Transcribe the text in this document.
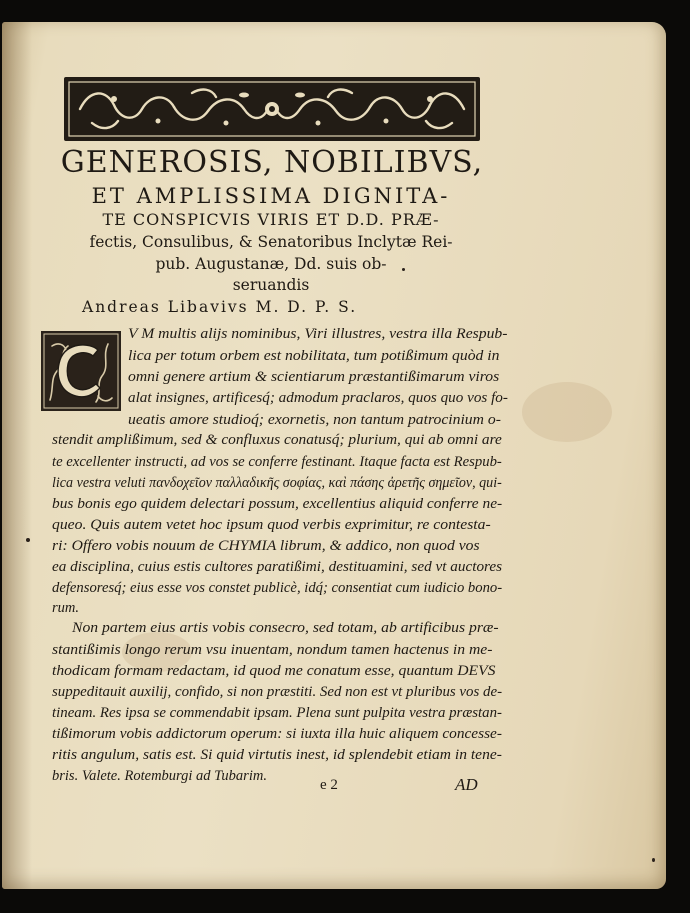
GENEROSIS, NOBILIBVS,

ET AMPLISSIMA DIGNITA-

TE CONSPICVIS VIRIS ET D.D. PRÆ-

fectis, Consulibus, & Senatoribus Inclytæ Rei-

pub. Augustanæ, Dd. suis ob-

seruandis

Andreas Libavivs M. D. P. S.

V M multis alijs nominibus, Viri illustres, vestra illa Respub-

lica per totum orbem est nobilitata, tum potißimum quòd in

omni genere artium & scientiarum præstantißimarum viros

alat insignes, artificesq́; admodum praclaros, quos quo vos fo-

ueatis amore studioq́; exornetis, non tantum patrocinium o-

stendit amplißimum, sed & confluxus conatusq́; plurium, qui ab omni are

te excellenter instructi, ad vos se conferre festinant. Itaque facta est Respub-

lica vestra veluti πανδοχεῖον παλλαδικῆς σοφίας, καὶ πάσης ἀρετῆς σημεῖον, qui-

bus bonis ego quidem delectari possum, excellentius aliquid conferre ne-

queo. Quis autem vetet hoc ipsum quod verbis exprimitur, re contesta-

ri: Offero vobis nouum de CHYMIA librum, & addico, non quod vos

ea disciplina, cuius estis cultores paratißimi, destituamini, sed vt auctores

defensoresq́; eius esse vos constet publicè, idq́; consentiat cum iudicio bono-

rum.

Non partem eius artis vobis consecro, sed totam, ab artificibus præ-

stantißimis longo rerum vsu inuentam, nondum tamen hactenus in me-

thodicam formam redactam, id quod me conatum esse, quantum DEVS

suppeditauit auxilij, confido, si non præstiti. Sed non est vt pluribus vos de-

tineam. Res ipsa se commendabit ipsam. Plena sunt pulpita vestra præstan-

tißimorum vobis addictorum operum: si iuxta illa huic aliquem concesse-

ritis angulum, satis est. Si quid virtutis inest, id splendebit etiam in tene-

bris. Valete. Rotemburgi ad Tubarim.

e 2	AD
